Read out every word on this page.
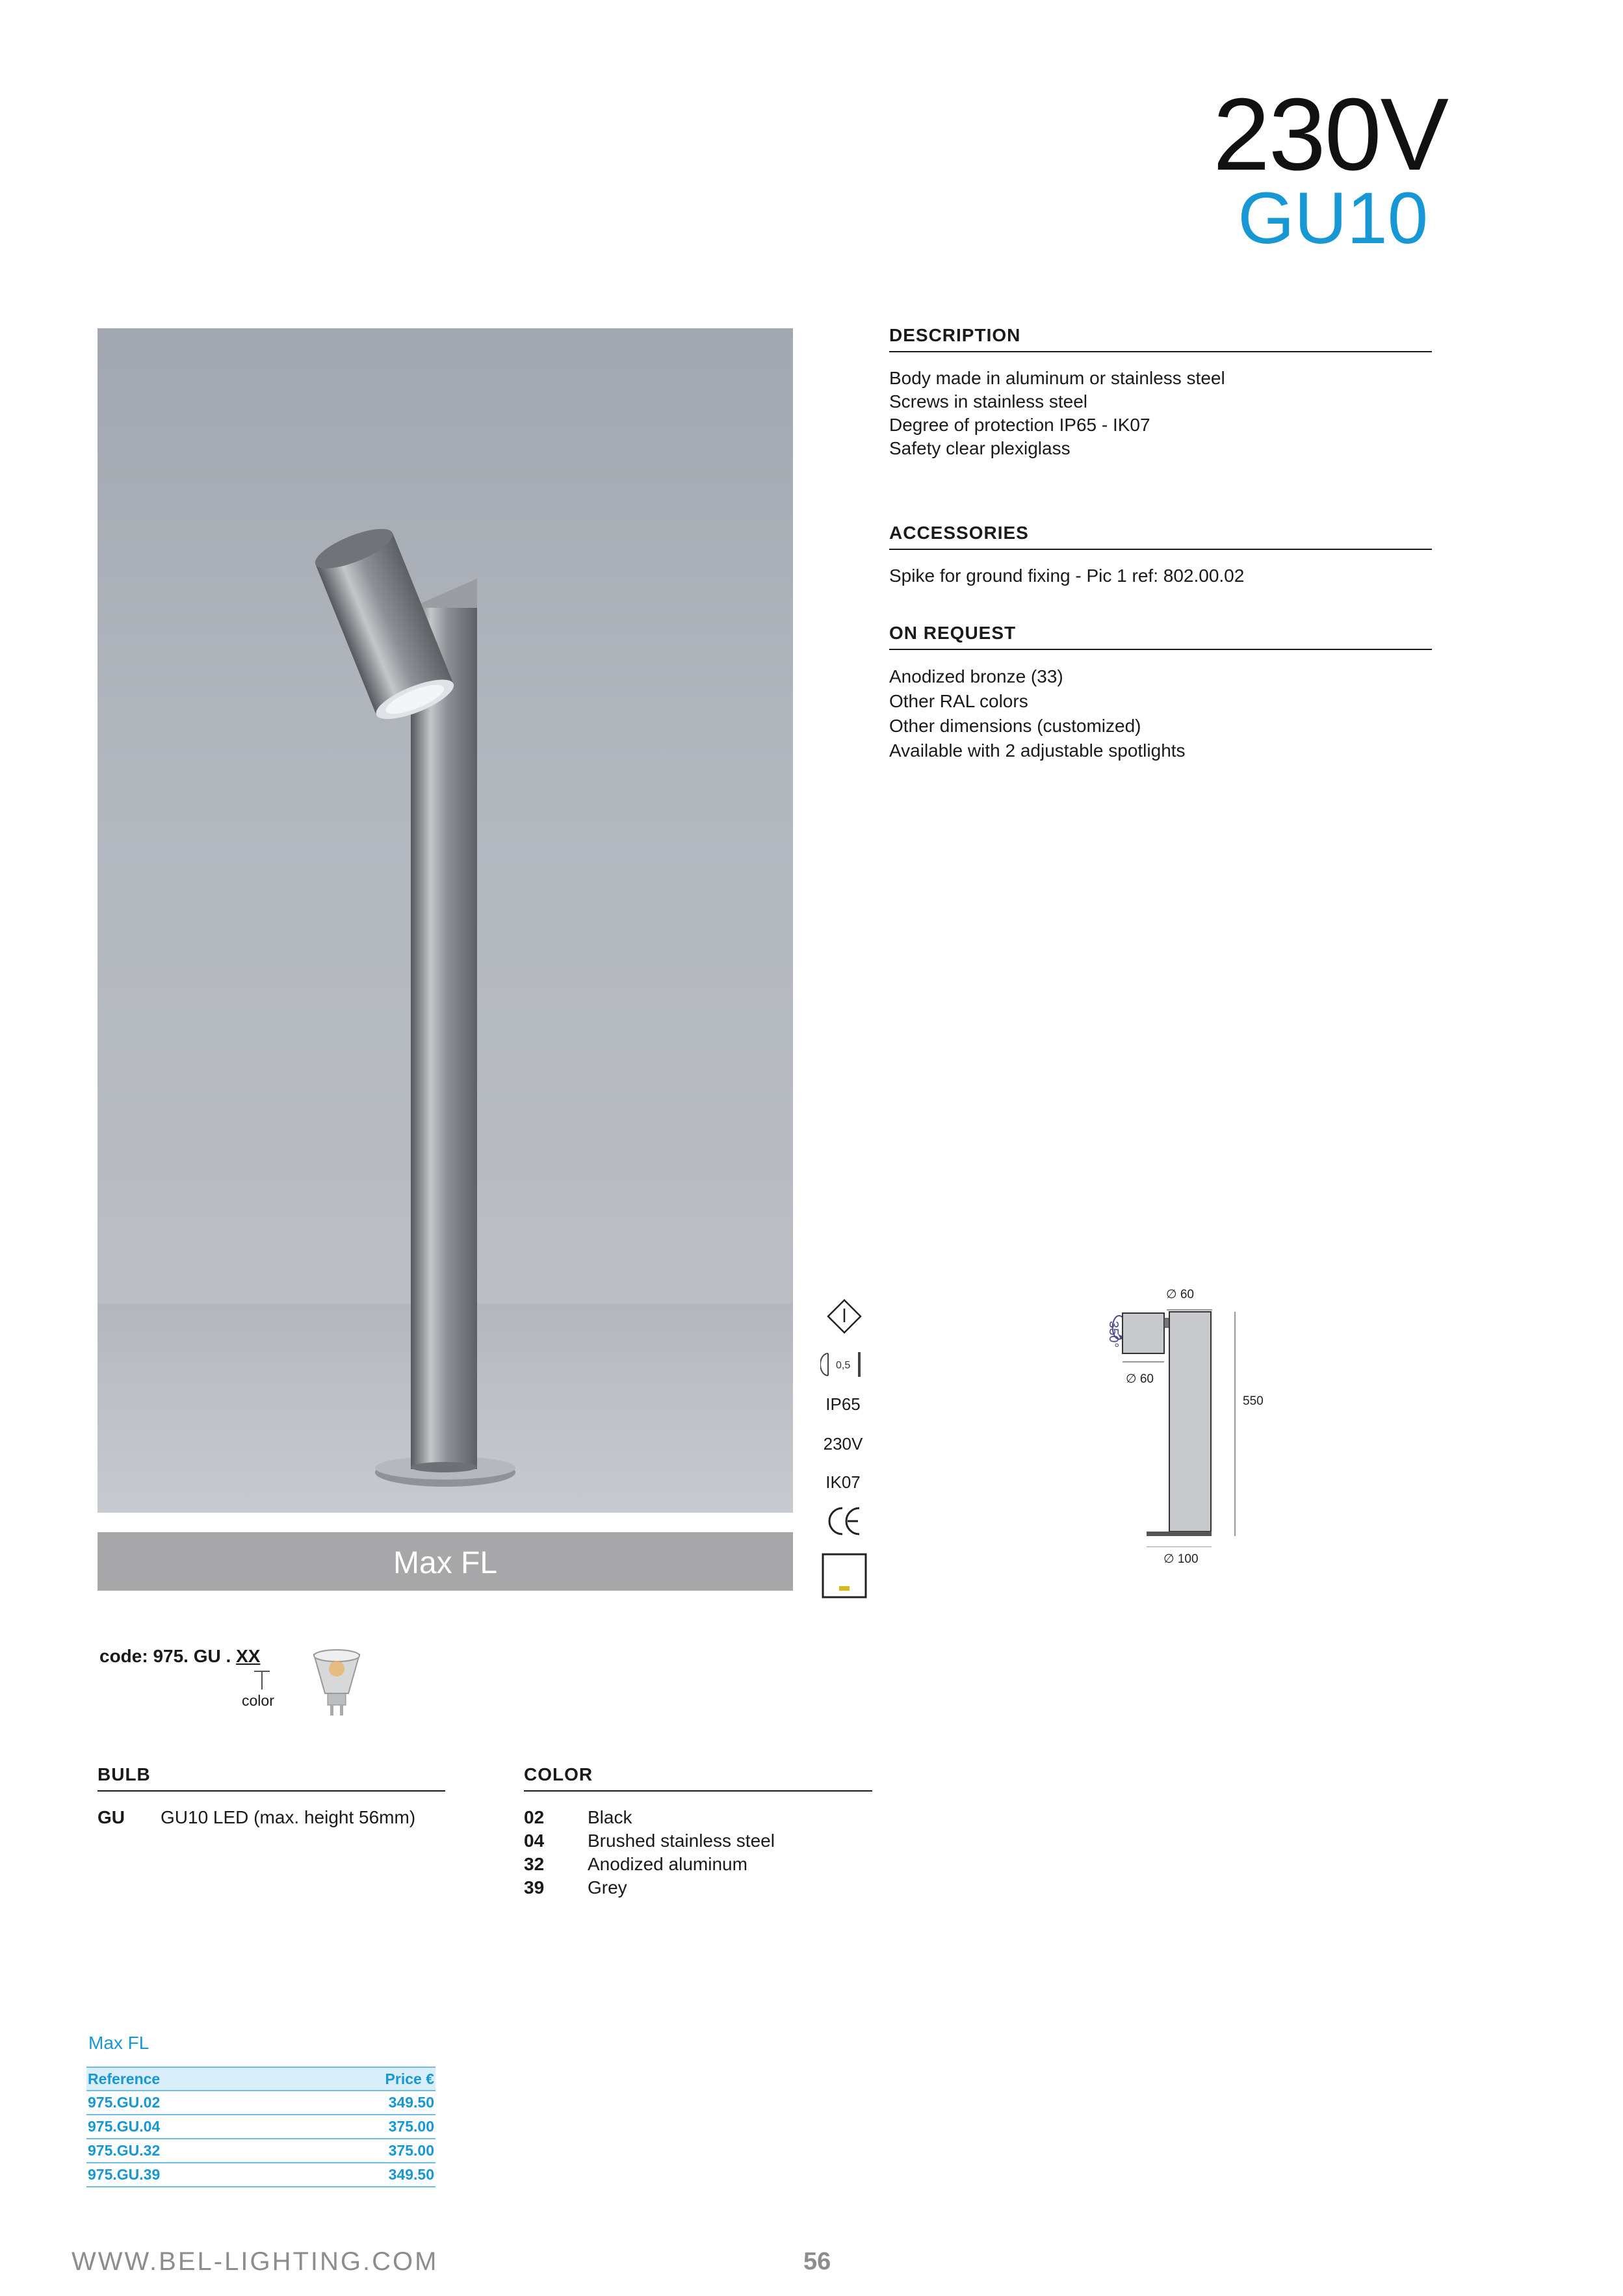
230V
GU10
Max FL
DESCRIPTION
Body made in aluminum or stainless steel
Screws in stainless steel
Degree of protection IP65 - IK07
Safety clear plexiglass
ACCESSORIES
Spike for ground fixing - Pic 1 ref: 802.00.02
ON REQUEST
Anodized bronze (33)
Other RAL colors
Other dimensions (customized)
Available with 2 adjustable spotlights
0,5
IP65
230V
IK07
∅ 60
350°
∅ 60
550
∅ 100
code: 975. GU . XX
color
BULB
GU GU10 LED (max. height 56mm)
COLOR
02 Black
04 Brushed stainless steel
32 Anodized aluminum
39 Grey
Max FL
Reference	Price €
975.GU.02	349.50
975.GU.04	375.00
975.GU.32	375.00
975.GU.39	349.50
WWW.BEL-LIGHTING.COM	56
